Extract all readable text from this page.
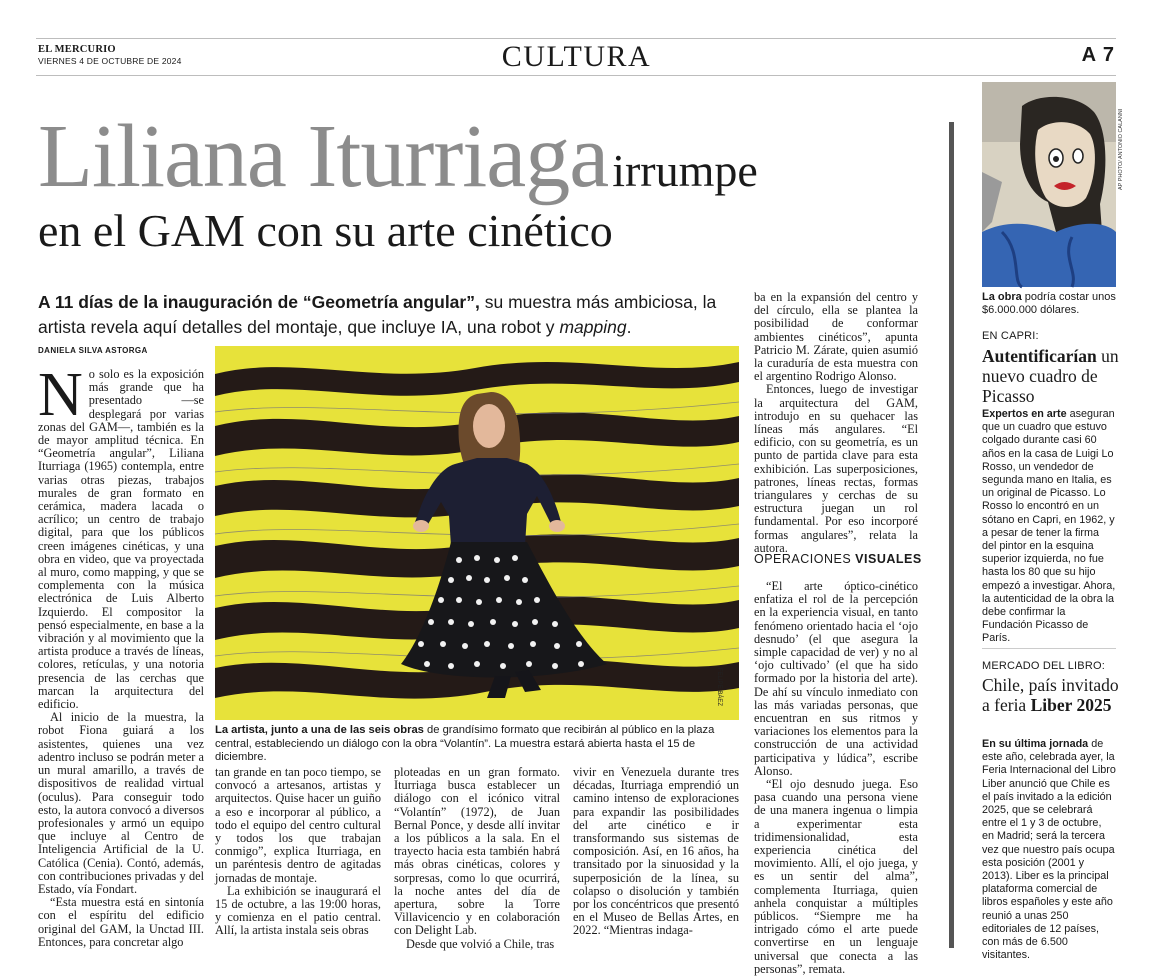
EL MERCURIO
VIERNES 4 DE OCTUBRE DE 2024	CULTURA	A 7
Liliana Iturriaga irrumpe
en el GAM con su arte cinético
A 11 días de la inauguración de “Geometría angular”, su muestra más ambiciosa, la artista revela aquí detalles del montaje, que incluye IA, una robot y mapping.
DANIELA SILVA ASTORGA

No solo es la exposición más grande que ha presentado —se desplegará por varias zonas del GAM—, también es la de mayor amplitud técnica. En “Geometría angular”, Liliana Iturriaga (1965) contempla, entre varias otras piezas, trabajos murales de gran formato en cerámica, madera lacada o acrílico; un centro de trabajo digital, para que los públicos creen imágenes cinéticas, y una obra en video, que va proyectada al muro, como mapping, y que se complementa con la música electrónica de Luis Alberto Izquierdo. El compositor la pensó especialmente, en base a la vibración y al movimiento que la artista produce a través de líneas, colores, retículas, y una notoria presencia de las cerchas que marcan la arquitectura del edificio.

Al inicio de la muestra, la robot Fiona guiará a los asistentes, quienes una vez adentro incluso se podrán meter a un mural amarillo, a través de dispositivos de realidad virtual (oculus). Para conseguir todo esto, la autora convocó a diversos profesionales y armó un equipo que incluye al Centro de Inteligencia Artificial de la U. Católica (Cenia). Contó, además, con contribuciones privadas y del Estado, vía Fondart.

“Esta muestra está en sintonía con el espíritu del edificio original del GAM, la Unctad III. Entonces, para concretar algo

FELIPE BÁEZ
La artista, junto a una de las seis obras de grandísimo formato que recibirán al público en la plaza central, estableciendo un diálogo con la obra “Volantín”. La muestra estará abierta hasta el 15 de diciembre.

tan grande en tan poco tiempo, se convocó a artesanos, artistas y arquitectos. Quise hacer un guiño a eso e incorporar al público, a todo el equipo del centro cultural y todos los que trabajan conmigo”, explica Iturriaga, en un paréntesis dentro de agitadas jornadas de montaje.

La exhibición se inaugurará el 15 de octubre, a las 19:00 horas, y comienza en el patio central. Allí, la artista instala seis obras

ploteadas en un gran formato. Iturriaga busca establecer un diálogo con el icónico vitral “Volantín” (1972), de Juan Bernal Ponce, y desde allí invitar a los públicos a la sala. En el trayecto hacia esta también habrá más obras cinéticas, colores y sorpresas, como lo que ocurrirá, la noche antes del día de apertura, sobre la Torre Villavicencio y en colaboración con Delight Lab.

Desde que volvió a Chile, tras

vivir en Venezuela durante tres décadas, Iturriaga emprendió un camino intenso de exploraciones para expandir las posibilidades del arte cinético e ir transformando sus sistemas de composición. Así, en 16 años, ha transitado por la sinuosidad y la superposición de la línea, su colapso o disolución y también por los concéntricos que presentó en el Museo de Bellas Artes, en 2022. “Mientras indaga-

ba en la expansión del centro y del círculo, ella se plantea la posibilidad de conformar ambientes cinéticos”, apunta Patricio M. Zárate, quien asumió la curaduría de esta muestra con el argentino Rodrigo Alonso.

Entonces, luego de investigar la arquitectura del GAM, introdujo en su quehacer las líneas más angulares. “El edificio, con su geometría, es un punto de partida clave para esta exhibición. Las superposiciones, patrones, líneas rectas, formas triangulares y cerchas de su estructura juegan un rol fundamental. Por eso incorporé formas angulares”, relata la autora.

OPERACIONES VISUALES

“El arte óptico-cinético enfatiza el rol de la percepción en la experiencia visual, en tanto fenómeno orientado hacia el ‘ojo desnudo’ (el que asegura la simple capacidad de ver) y no al ‘ojo cultivado’ (el que ha sido formado por la historia del arte). De ahí su vínculo inmediato con las más variadas personas, que encuentran en sus ritmos y variaciones los elementos para la construcción de una actividad participativa y lúdica”, escribe Alonso.

“El ojo desnudo juega. Eso pasa cuando una persona viene de una manera ingenua o limpia a experimentar esta tridimensionalidad, esta experiencia cinética del movimiento. Allí, el ojo juega, y es un sentir del alma”, complementa Iturriaga, quien anhela conquistar a múltiples públicos. “Siempre me ha intrigado cómo el arte puede convertirse en un lenguaje universal que conecta a las personas”, remata.

AP PHOTO/ ANTONIO CALANNI
La obra podría costar unos $6.000.000 dólares.
EN CAPRI:
Autentificarían un nuevo cuadro de Picasso
Expertos en arte aseguran que un cuadro que estuvo colgado durante casi 60 años en la casa de Luigi Lo Rosso, un vendedor de segunda mano en Italia, es un original de Picasso. Lo Rosso lo encontró en un sótano en Capri, en 1962, y a pesar de tener la firma del pintor en la esquina superior izquierda, no fue hasta los 80 que su hijo empezó a investigar. Ahora, la autenticidad de la obra la debe confirmar la Fundación Picasso de París.
MERCADO DEL LIBRO:
Chile, país invitado a feria Liber 2025
En su última jornada de este año, celebrada ayer, la Feria Internacional del Libro Liber anunció que Chile es el país invitado a la edición 2025, que se celebrará entre el 1 y 3 de octubre, en Madrid; será la tercera vez que nuestro país ocupa esta posición (2001 y 2013). Liber es la principal plataforma comercial de libros españoles y este año reunió a unas 250 editoriales de 12 países, con más de 6.500 visitantes.
